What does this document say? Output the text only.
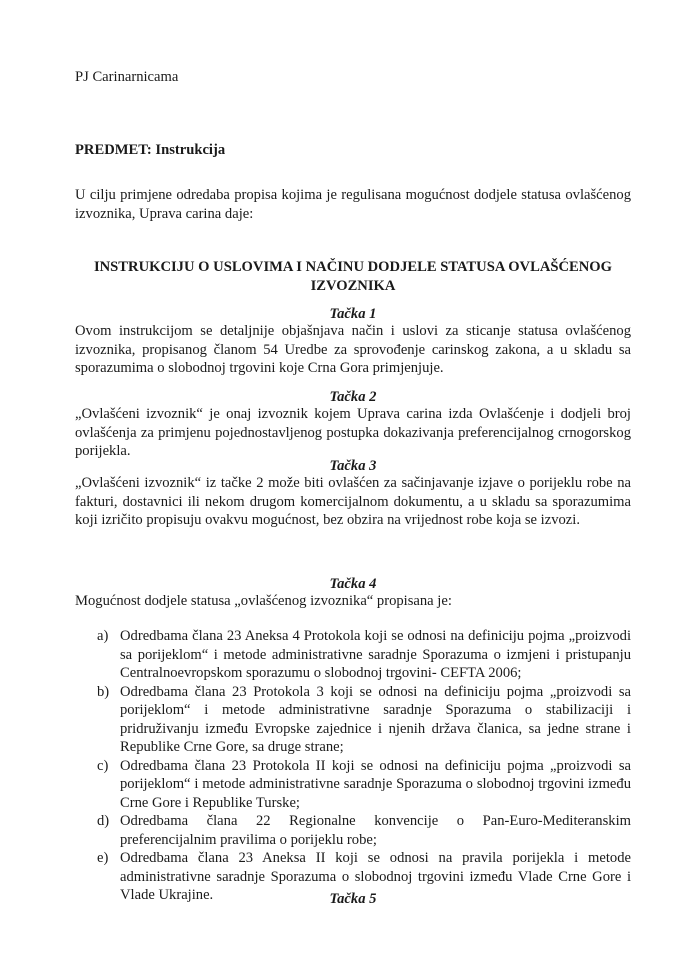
PJ Carinarnicama
PREDMET: Instrukcija
U cilju primjene odredaba propisa kojima je regulisana mogućnost dodjele statusa ovlašćenog izvoznika, Uprava carina daje:
INSTRUKCIJU O USLOVIMA I NAČINU DODJELE STATUSA OVLAŠĆENOG IZVOZNIKA
Tačka 1
Ovom instrukcijom se detaljnije objašnjava način i uslovi za sticanje statusa ovlašćenog izvoznika, propisanog članom 54 Uredbe za sprovođenje carinskog zakona, a u skladu sa sporazumima o slobodnoj trgovini koje Crna Gora primjenjuje.
Tačka 2
„Ovlašćeni izvoznik“ je onaj izvoznik kojem Uprava carina izda Ovlašćenje i dodjeli broj ovlašćenja za primjenu pojednostavljenog postupka dokazivanja preferencijalnog crnogorskog porijekla.
Tačka 3
„Ovlašćeni izvoznik“ iz tačke 2 može biti ovlašćen za sačinjavanje izjave o porijeklu robe na fakturi, dostavnici ili nekom drugom komercijalnom dokumentu, a u skladu sa sporazumima koji izričito propisuju ovakvu mogućnost, bez obzira na vrijednost robe koja se izvozi.
Tačka 4
Mogućnost dodjele statusa „ovlašćenog izvoznika“ propisana je:
a) Odredbama člana 23 Aneksa 4 Protokola koji se odnosi na definiciju pojma „proizvodi sa porijeklom“ i metode administrativne saradnje Sporazuma o izmjeni i pristupanju Centralnoevropskom sporazumu o slobodnoj trgovini- CEFTA 2006;
b) Odredbama člana 23 Protokola 3 koji se odnosi na definiciju pojma „proizvodi sa porijeklom“ i metode administrativne saradnje Sporazuma o stabilizaciji i pridruživanju između Evropske zajednice i njenih država članica, sa jedne strane i Republike Crne Gore, sa druge strane;
c) Odredbama člana 23 Protokola II koji se odnosi na definiciju pojma „proizvodi sa porijeklom“ i metode administrativne saradnje Sporazuma o slobodnoj trgovini između Crne Gore i Republike Turske;
d) Odredbama člana 22 Regionalne konvencije o Pan-Euro-Mediteranskim preferencijalnim pravilima o porijeklu robe;
e) Odredbama člana 23 Aneksa II koji se odnosi na pravila porijekla i metode administrativne saradnje Sporazuma o slobodnoj trgovini između Vlade Crne Gore i Vlade Ukrajine.	Tačka 5
